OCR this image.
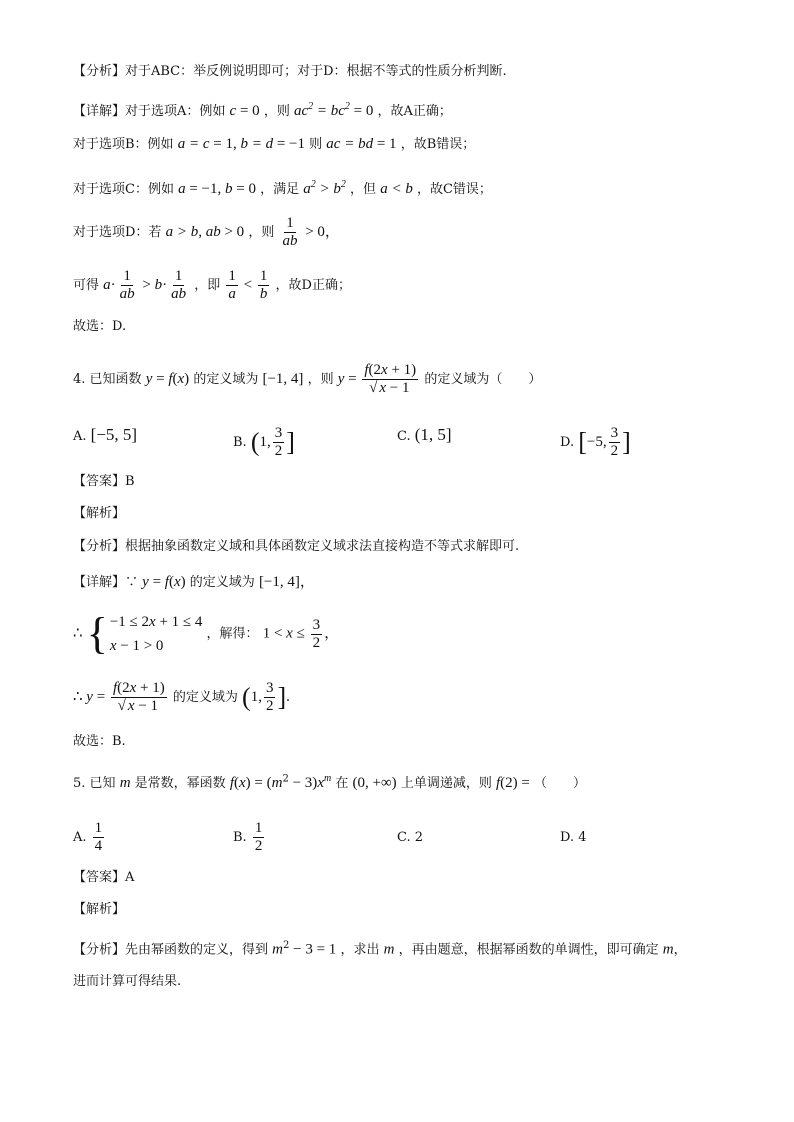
【分析】对于ABC：举反例说明即可；对于D：根据不等式的性质分析判断.
【详解】对于选项A：例如 c = 0 ，则 $ac^2 = bc^2 = 0$ ，故A正确；
对于选项B：例如 a = c = 1, b = d = −1 则 ac = bd = 1 ，故B错误；
对于选项C：例如 a = −1, b = 0 ，满足 $a^2 > b^2$ ，但 a < b ，故C错误；
对于选项D：若 a > b, ab > 0 ，则 $\frac{1}{ab} > 0$，
可得 $a\cdot \frac{1}{ab} > b\cdot \frac{1}{ab}$ ，即 $\frac{1}{a} < \frac{1}{b}$ ，故D正确；
故选：D.
4. 已知函数 y = f(x) 的定义域为 [−1, 4] ，则 $y = \frac{f(2x + 1)}{√ x - 1}$ 的定义域为（　　）
A. [−5, 5]	B. (1, $\frac{3}{2}$ ]	C. (1, 5]	D. [−5, $\frac{3}{2}$ ]
【答案】B
【解析】
【分析】根据抽象函数定义域和具体函数定义域求法直接构造不等式求解即可.
【详解】∵ y = f(x) 的定义域为 [−1, 4]，
∴ { −1 ≤ 2x + 1 ≤ 4
x − 1 > 0
，解得： $1 < x \le \frac{3}{2}$ ，
∴ $y = \frac{f(2x + 1)}{√ x - 1}$ 的定义域为 (1, $\frac{3}{2}$ ].
故选：B.
5. 已知 m 是常数，幂函数 $f(x) = (m^2 - 3)x^m$ 在 (0, +∞) 上单调递减，则 f(2) = （　　）
A. $\frac{1}{4}$	B. $\frac{1}{2}$	C. 2	D. 4
【答案】A
【解析】
【分析】先由幂函数的定义，得到 $m^2 - 3 = 1$ ，求出 m ，再由题意，根据幂函数的单调性，即可确定 m，
进而计算可得结果.
